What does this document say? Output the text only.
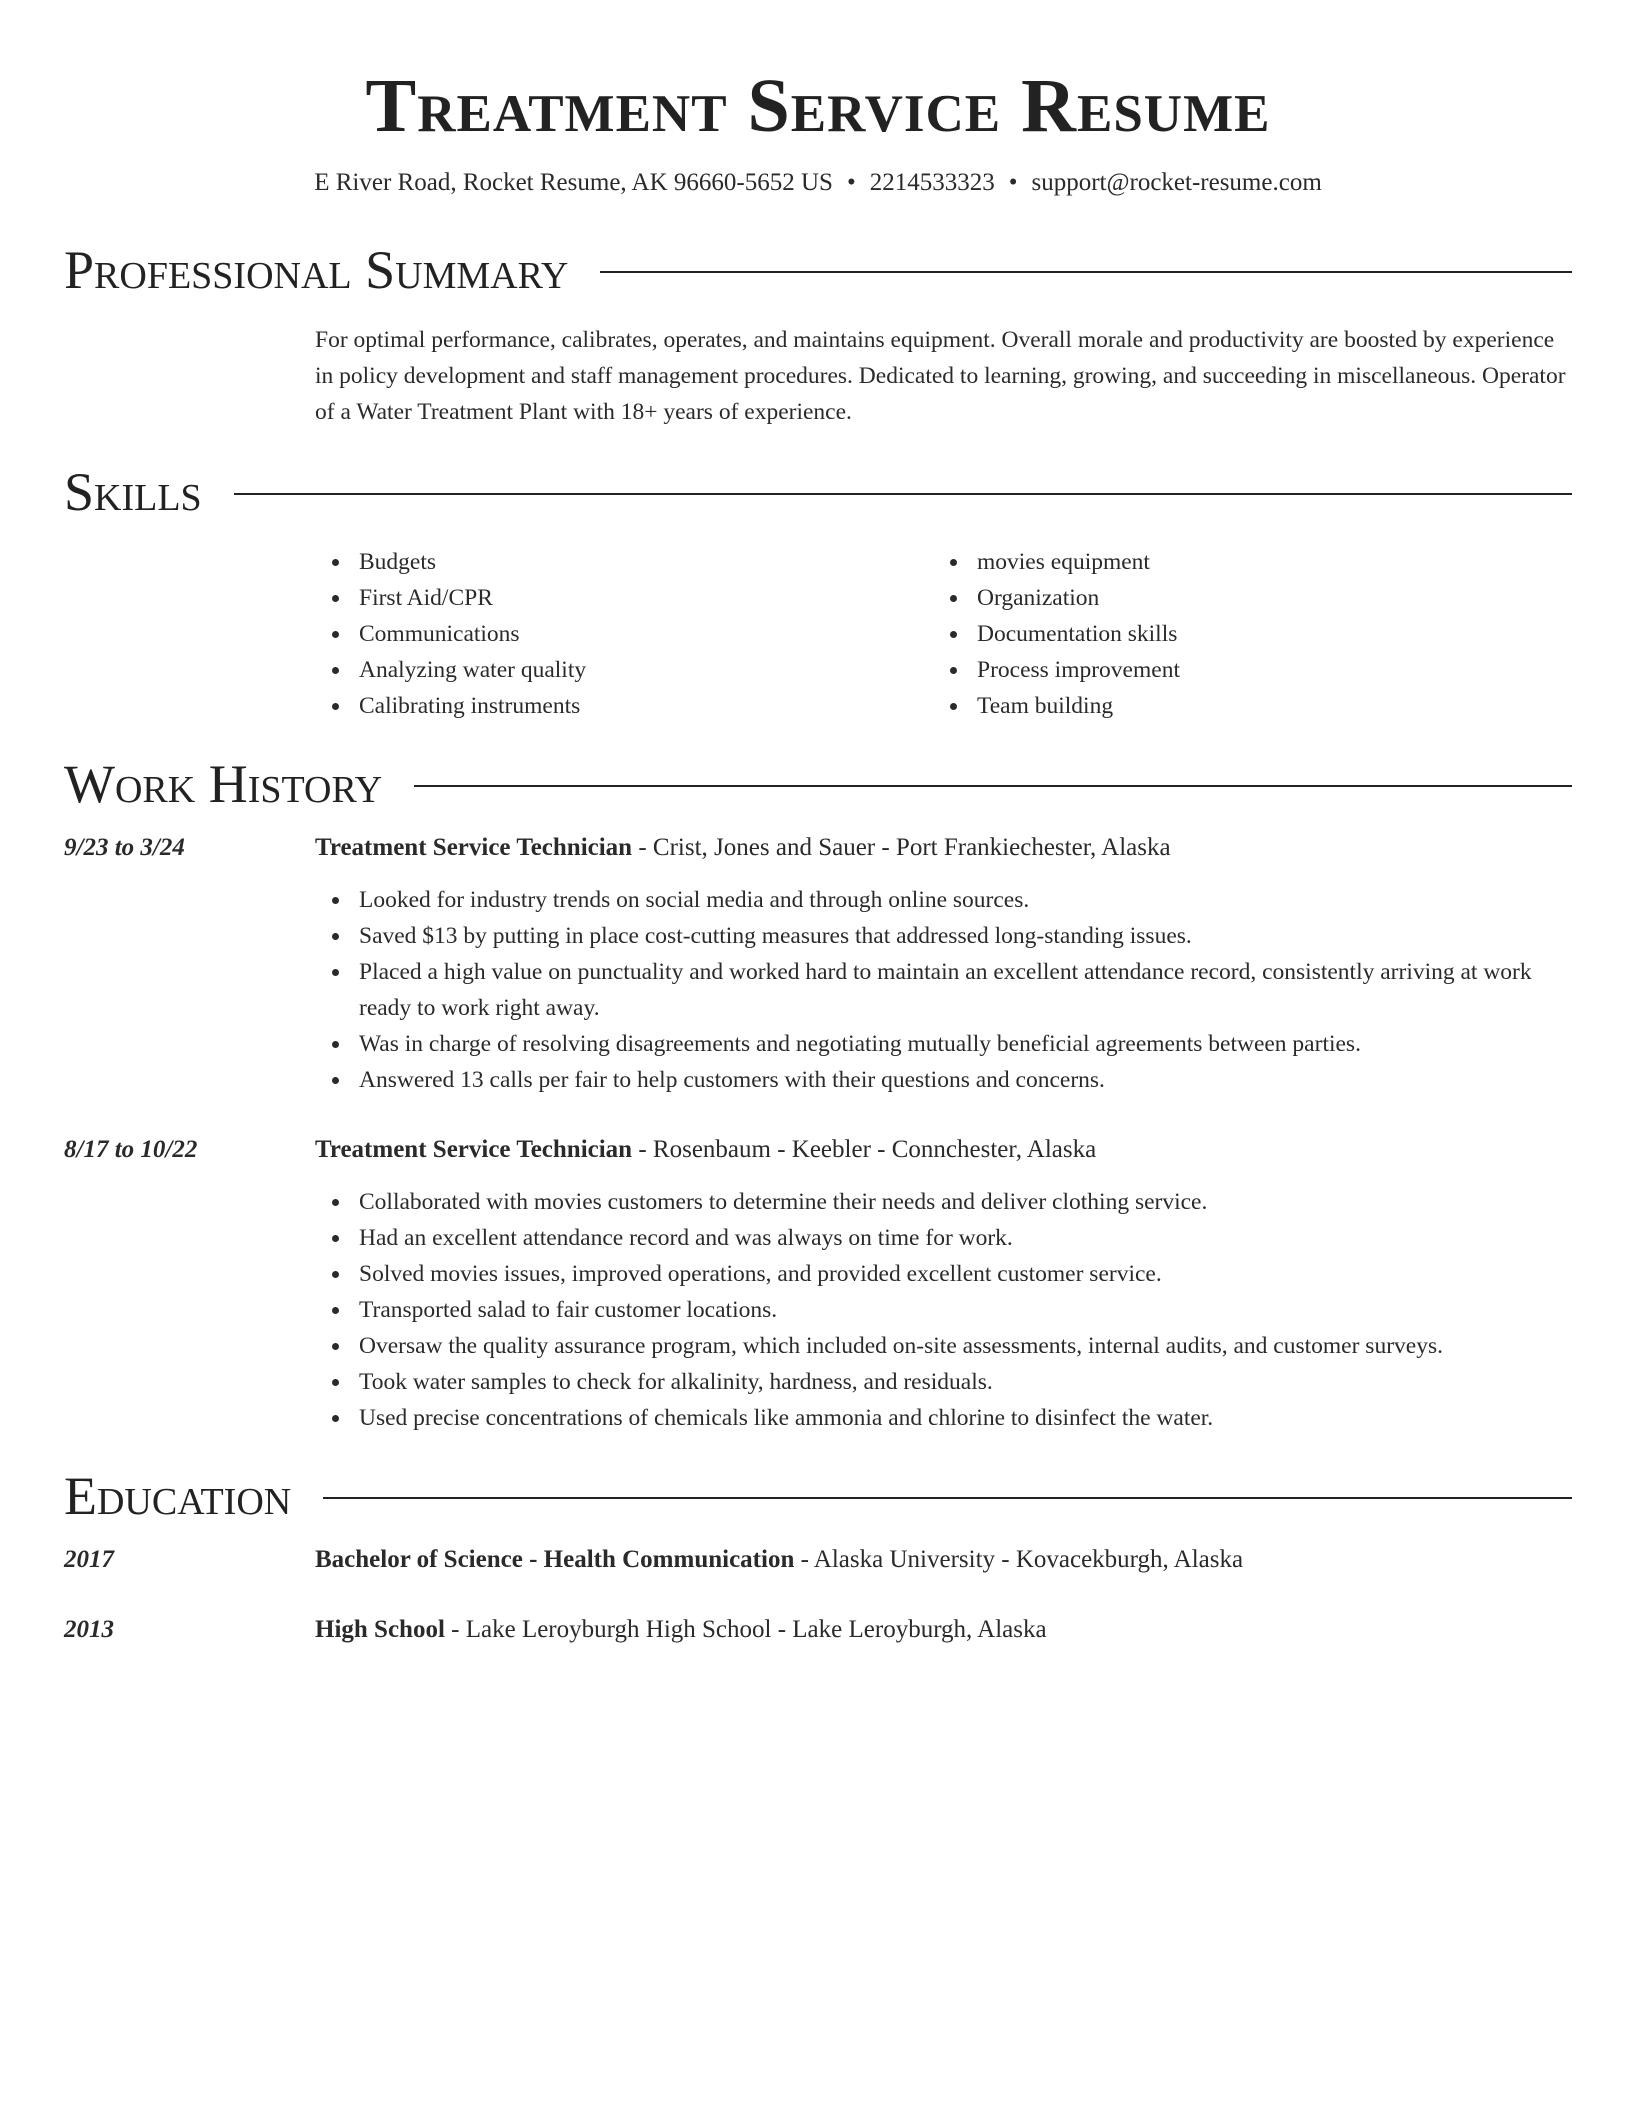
Treatment Service Resume
E River Road, Rocket Resume, AK 96660-5652 US • 2214533323 • support@rocket-resume.com
Professional Summary

For optimal performance, calibrates, operates, and maintains equipment. Overall morale and productivity are boosted by experience in policy development and staff management procedures. Dedicated to learning, growing, and succeeding in miscellaneous. Operator of a Water Treatment Plant with 18+ years of experience.

Skills
Budgets
First Aid/CPR
Communications
Analyzing water quality
Calibrating instruments
movies equipment
Organization
Documentation skills
Process improvement
Team building
Work History
9/23 to 3/24	Treatment Service Technician - Crist, Jones and Sauer - Port Frankiechester, Alaska
Looked for industry trends on social media and through online sources.
Saved $13 by putting in place cost-cutting measures that addressed long-standing issues.
Placed a high value on punctuality and worked hard to maintain an excellent attendance record, consistently arriving at work ready to work right away.
Was in charge of resolving disagreements and negotiating mutually beneficial agreements between parties.
Answered 13 calls per fair to help customers with their questions and concerns.
8/17 to 10/22	Treatment Service Technician - Rosenbaum - Keebler - Connchester, Alaska
Collaborated with movies customers to determine their needs and deliver clothing service.
Had an excellent attendance record and was always on time for work.
Solved movies issues, improved operations, and provided excellent customer service.
Transported salad to fair customer locations.
Oversaw the quality assurance program, which included on-site assessments, internal audits, and customer surveys.
Took water samples to check for alkalinity, hardness, and residuals.
Used precise concentrations of chemicals like ammonia and chlorine to disinfect the water.
Education
2017	Bachelor of Science - Health Communication - Alaska University - Kovacekburgh, Alaska
2013	High School - Lake Leroyburgh High School - Lake Leroyburgh, Alaska
